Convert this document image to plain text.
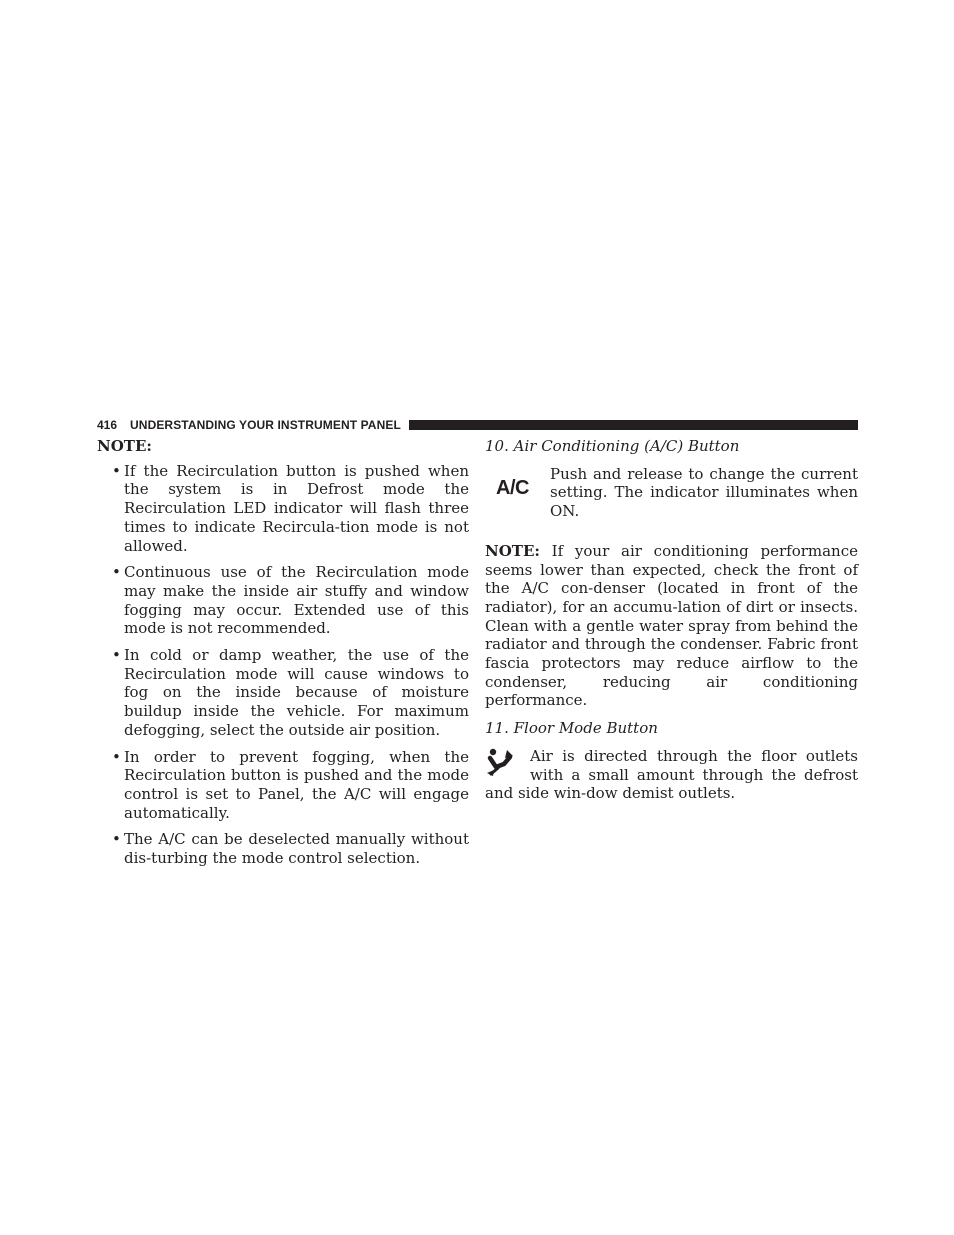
416 UNDERSTANDING YOUR INSTRUMENT PANEL
NOTE:
• If the Recirculation button is pushed when the system is in Defrost mode the Recirculation LED indicator will flash three times to indicate Recircula-tion mode is not allowed.
• Continuous use of the Recirculation mode may make the inside air stuffy and window fogging may occur. Extended use of this mode is not recommended.
• In cold or damp weather, the use of the Recirculation mode will cause windows to fog on the inside because of moisture buildup inside the vehicle. For maximum defogging, select the outside air position.
• In order to prevent fogging, when the Recirculation button is pushed and the mode control is set to Panel, the A/C will engage automatically.
• The A/C can be deselected manually without dis-turbing the mode control selection.
10. Air Conditioning (A/C) Button
A/C
Push and release to change the current setting. The indicator illuminates when ON.

NOTE: If your air conditioning performance seems lower than expected, check the front of the A/C con-denser (located in front of the radiator), for an accumu-lation of dirt or insects. Clean with a gentle water spray from behind the radiator and through the condenser. Fabric front fascia protectors may reduce airflow to the condenser, reducing air conditioning performance.

11. Floor Mode Button
Air is directed through the floor outlets with a small amount through the defrost and side win-dow demist outlets.
